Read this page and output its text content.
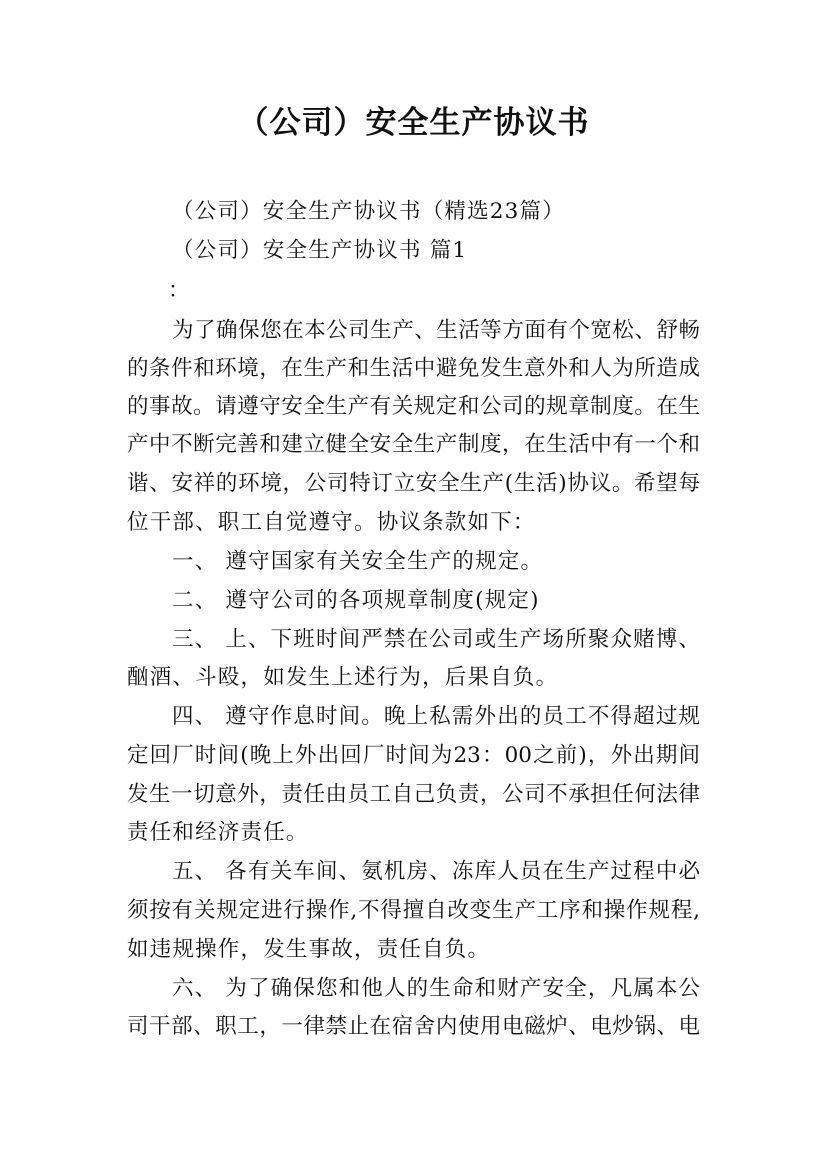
（公司）安全生产协议书
（公司）安全生产协议书（精选23篇）
（公司）安全生产协议书 篇1
：
为了确保您在本公司生产、生活等方面有个宽松、舒畅
的条件和环境，在生产和生活中避免发生意外和人为所造成
的事故。请遵守安全生产有关规定和公司的规章制度。在生
产中不断完善和建立健全安全生产制度，在生活中有一个和
谐、安祥的环境，公司特订立安全生产(生活)协议。希望每
位干部、职工自觉遵守。协议条款如下：
一、 遵守国家有关安全生产的规定。
二、 遵守公司的各项规章制度(规定)
三、 上、下班时间严禁在公司或生产场所聚众赌博、
酗酒、斗殴，如发生上述行为，后果自负。
四、 遵守作息时间。晚上私需外出的员工不得超过规
定回厂时间(晚上外出回厂时间为23：00之前)，外出期间
发生一切意外，责任由员工自己负责，公司不承担任何法律
责任和经济责任。
五、 各有关车间、氨机房、冻库人员在生产过程中必
须按有关规定进行操作,不得擅自改变生产工序和操作规程,
如违规操作，发生事故，责任自负。
六、 为了确保您和他人的生命和财产安全，凡属本公
司干部、职工，一律禁止在宿舍内使用电磁炉、电炒锅、电
